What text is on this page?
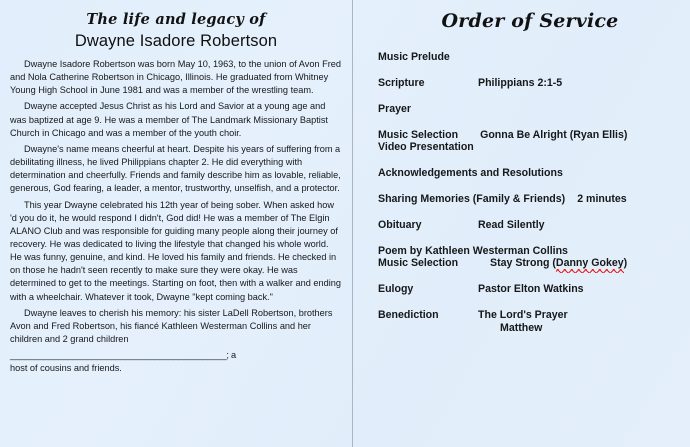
The life and legacy of
Dwayne Isadore Robertson

Dwayne Isadore Robertson was born May 10, 1963, to the union of Avon Fred and Nola Catherine Robertson in Chicago, Illinois. He graduated from Whitney Young High School in June 1981 and was a member of the wrestling team.

Dwayne accepted Jesus Christ as his Lord and Savior at a young age and was baptized at age 9. He was a member of The Landmark Missionary Baptist Church in Chicago and was a member of the youth choir.

Dwayne's name means cheerful at heart. Despite his years of suffering from a debilitating illness, he lived Philippians chapter 2. He did everything with determination and cheerfully. Friends and family describe him as lovable, reliable, generous, God fearing, a leader, a mentor, trustworthy, unselfish, and a protector.

This year Dwayne celebrated his 12th year of being sober. When asked how 'd you do it, he would respond I didn't, God did! He was a member of The Elgin ALANO Club and was responsible for guiding many people along their journey of recovery. He was dedicated to living the lifestyle that changed his whole world. He was funny, genuine, and kind. He loved his family and friends. He checked in on those he hadn't seen recently to make sure they were okay. He was determined to get to the meetings. Starting on foot, then with a walker and ending with a wheelchair. Whatever it took, Dwayne "kept coming back."

Dwayne leaves to cherish his memory: his sister LaDell Robertson, brothers Avon and Fred Robertson, his fiancé Kathleen Westerman Collins and her children and 2 grand children

_____________________________________________; a

host of cousins and friends.

Order of Service
Music Prelude
Scripture	Philippians 2:1-5
Prayer
Music Selection	Gonna Be Alright (Ryan Ellis)
Video Presentation
Acknowledgements and Resolutions
Sharing Memories (Family & Friends)	2 minutes
Obituary	Read Silently
Poem by Kathleen Westerman Collins
Music Selection	Stay Strong (Danny Gokey)
Eulogy	Pastor Elton Watkins
Benediction	The Lord's Prayer
Matthew
